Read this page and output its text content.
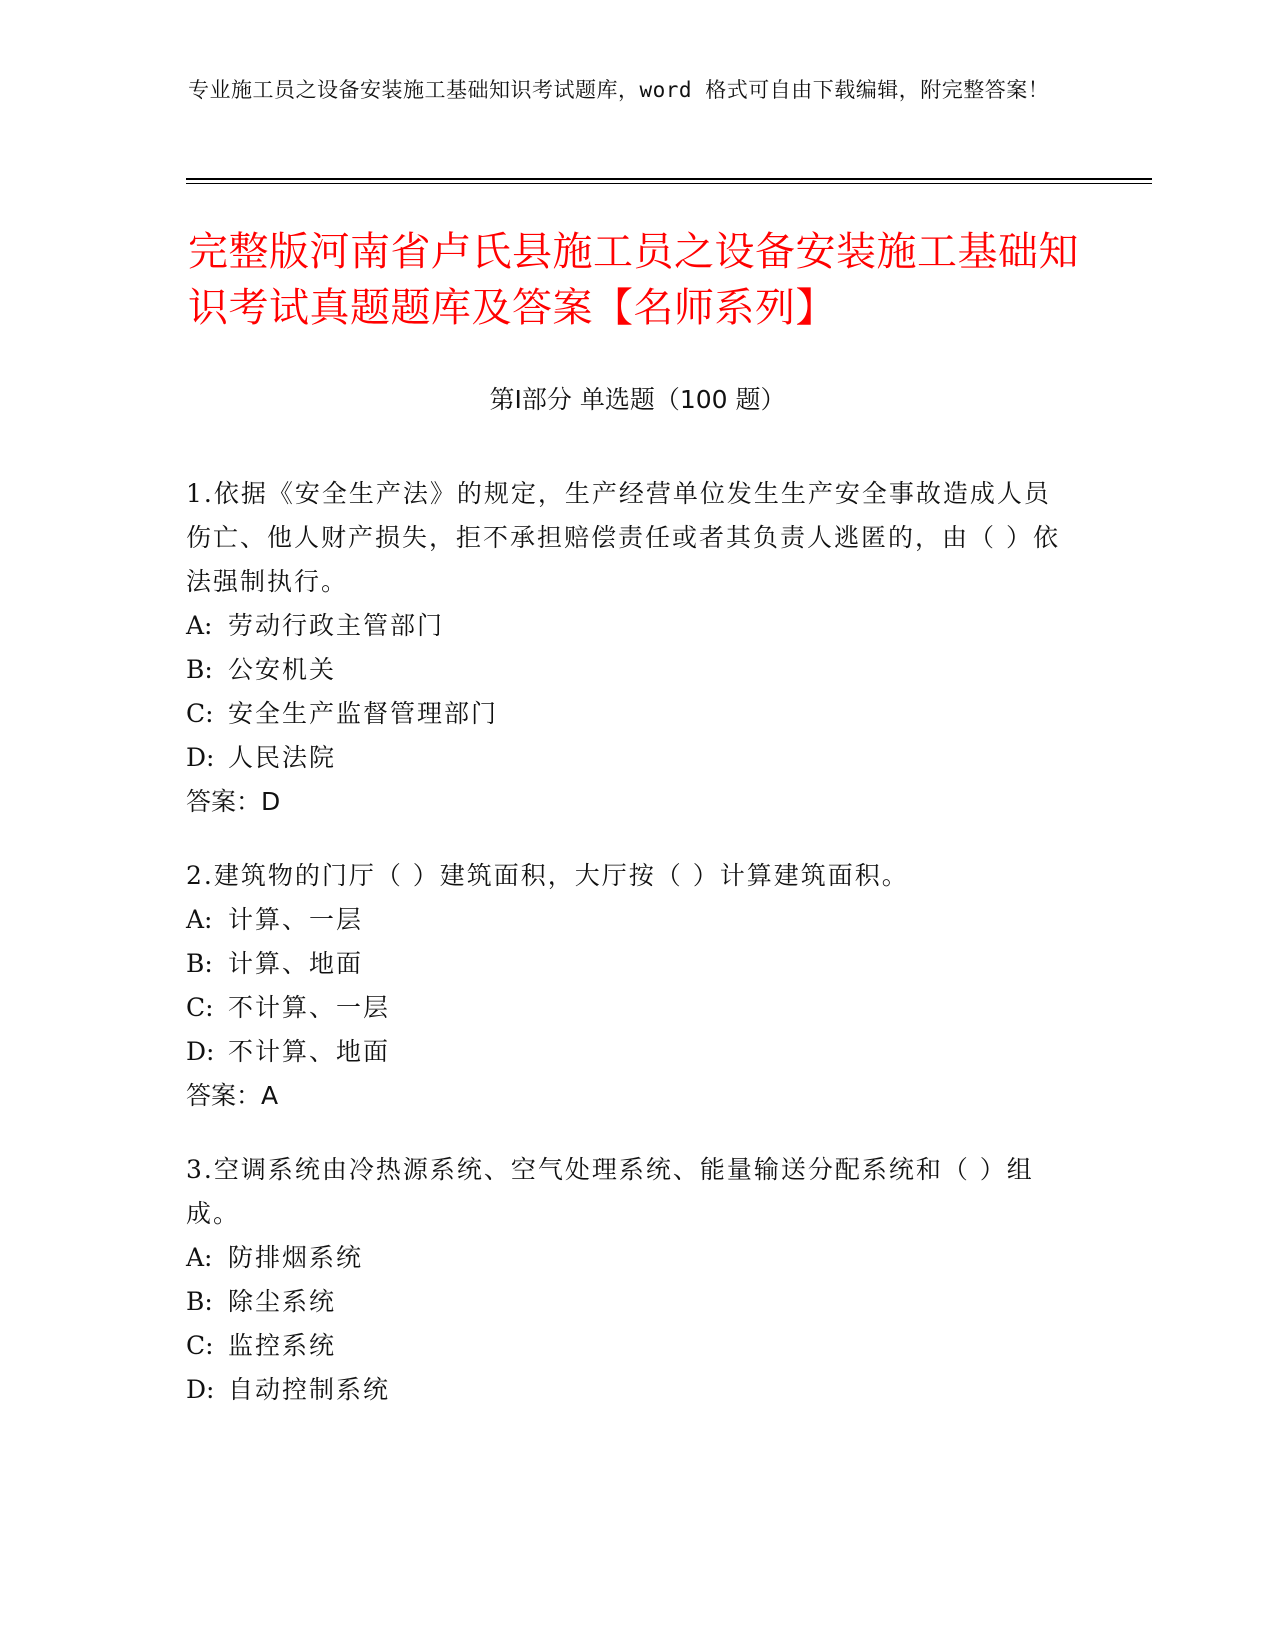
专业施工员之设备安装施工基础知识考试题库，word 格式可自由下载编辑，附完整答案！
完整版河南省卢氏县施工员之设备安装施工基础知识考试真题题库及答案【名师系列】
第Ⅰ部分 单选题（100 题）
1.依据《安全生产法》的规定，生产经营单位发生生产安全事故造成人员伤亡、他人财产损失，拒不承担赔偿责任或者其负责人逃匿的，由（ ）依法强制执行。
A: 劳动行政主管部门
B: 公安机关
C: 安全生产监督管理部门
D: 人民法院
答案：D
2.建筑物的门厅（ ）建筑面积，大厅按（ ）计算建筑面积。
A: 计算、一层
B: 计算、地面
C: 不计算、一层
D: 不计算、地面
答案：A
3.空调系统由冷热源系统、空气处理系统、能量输送分配系统和（ ）组成。
A: 防排烟系统
B: 除尘系统
C: 监控系统
D: 自动控制系统
